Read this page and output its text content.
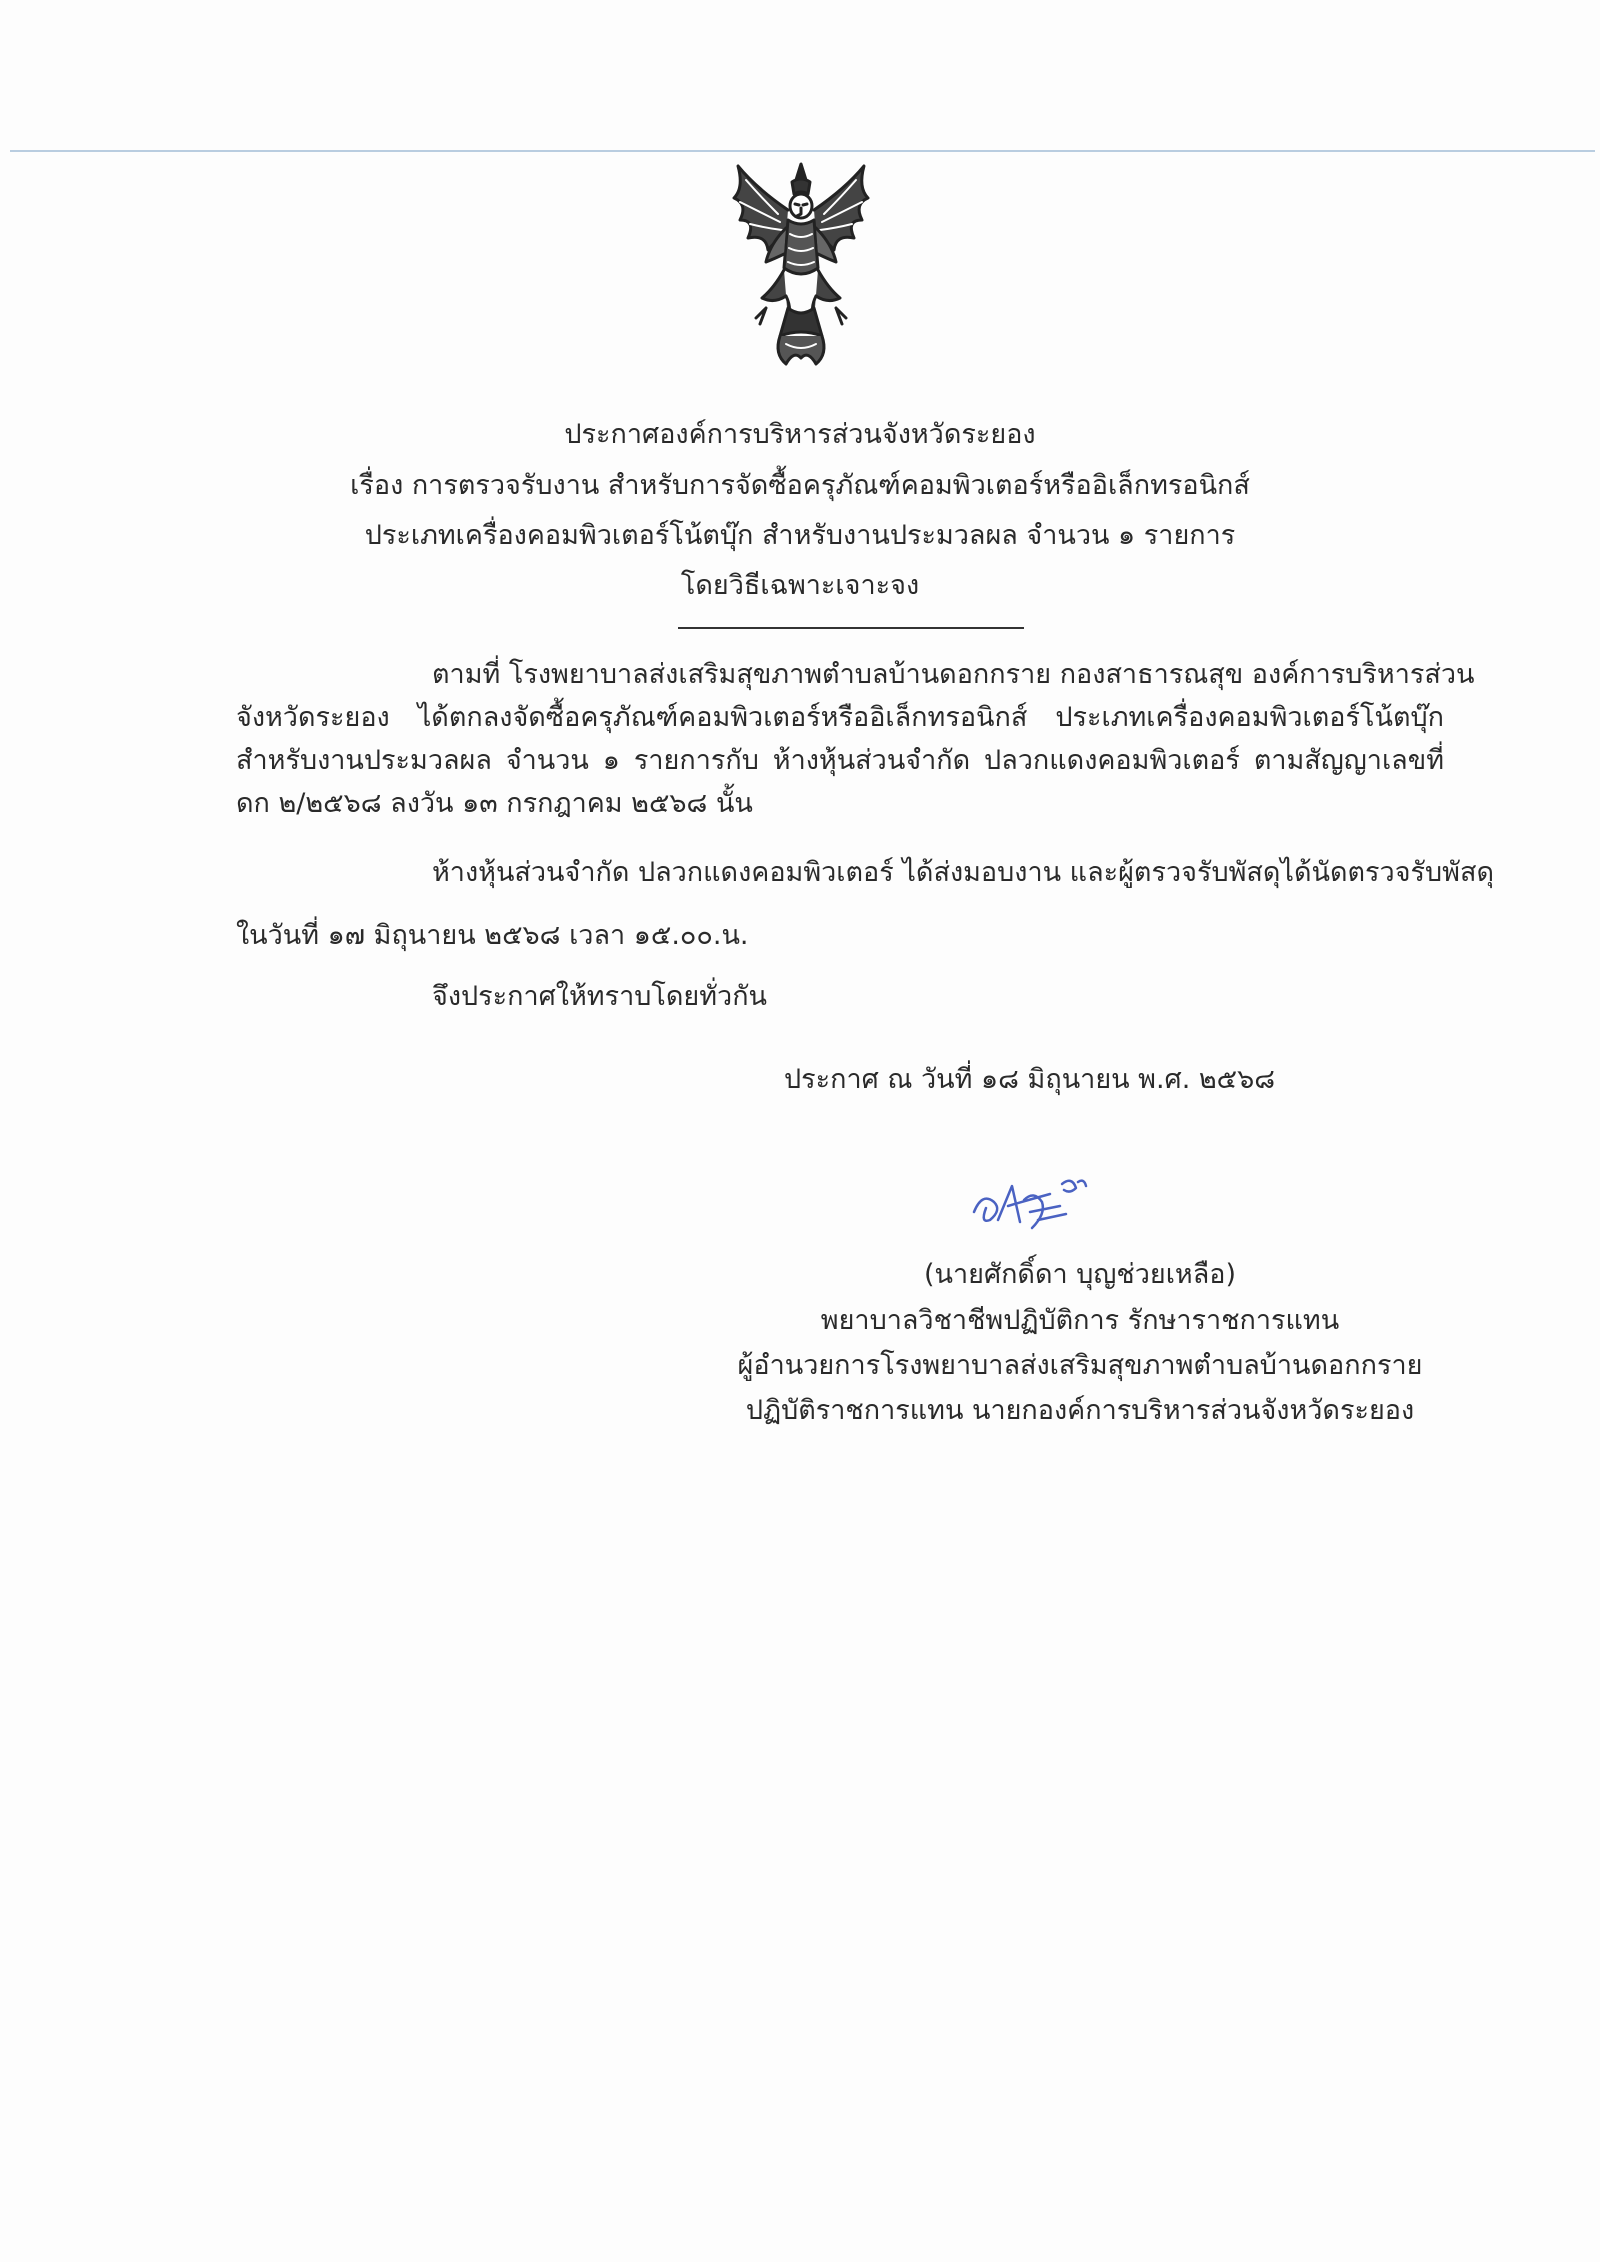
ประกาศองค์การบริหารส่วนจังหวัดระยอง
เรื่อง การตรวจรับงาน สำหรับการจัดซื้อครุภัณฑ์คอมพิวเตอร์หรืออิเล็กทรอนิกส์
ประเภทเครื่องคอมพิวเตอร์โน้ตบุ๊ก สำหรับงานประมวลผล จำนวน ๑ รายการ
โดยวิธีเฉพาะเจาะจง
ตามที่ โรงพยาบาลส่งเสริมสุขภาพตำบลบ้านดอกกราย กองสาธารณสุข องค์การบริหารส่วน
จังหวัดระยอง ได้ตกลงจัดซื้อครุภัณฑ์คอมพิวเตอร์หรืออิเล็กทรอนิกส์ ประเภทเครื่องคอมพิวเตอร์โน้ตบุ๊ก
สำหรับงานประมวลผล จำนวน ๑ รายการกับ ห้างหุ้นส่วนจำกัด ปลวกแดงคอมพิวเตอร์ ตามสัญญาเลขที่
ดก ๒/๒๕๖๘ ลงวัน ๑๓ กรกฎาคม ๒๕๖๘ นั้น
ห้างหุ้นส่วนจำกัด ปลวกแดงคอมพิวเตอร์ ได้ส่งมอบงาน และผู้ตรวจรับพัสดุได้นัดตรวจรับพัสดุ
ในวันที่ ๑๗ มิถุนายน ๒๕๖๘ เวลา ๑๕.๐๐.น.
จึงประกาศให้ทราบโดยทั่วกัน
ประกาศ ณ วันที่ ๑๘ มิถุนายน พ.ศ. ๒๕๖๘
(นายศักดิ์ดา บุญช่วยเหลือ)
พยาบาลวิชาชีพปฏิบัติการ รักษาราชการแทน
ผู้อำนวยการโรงพยาบาลส่งเสริมสุขภาพตำบลบ้านดอกกราย
ปฏิบัติราชการแทน นายกองค์การบริหารส่วนจังหวัดระยอง
